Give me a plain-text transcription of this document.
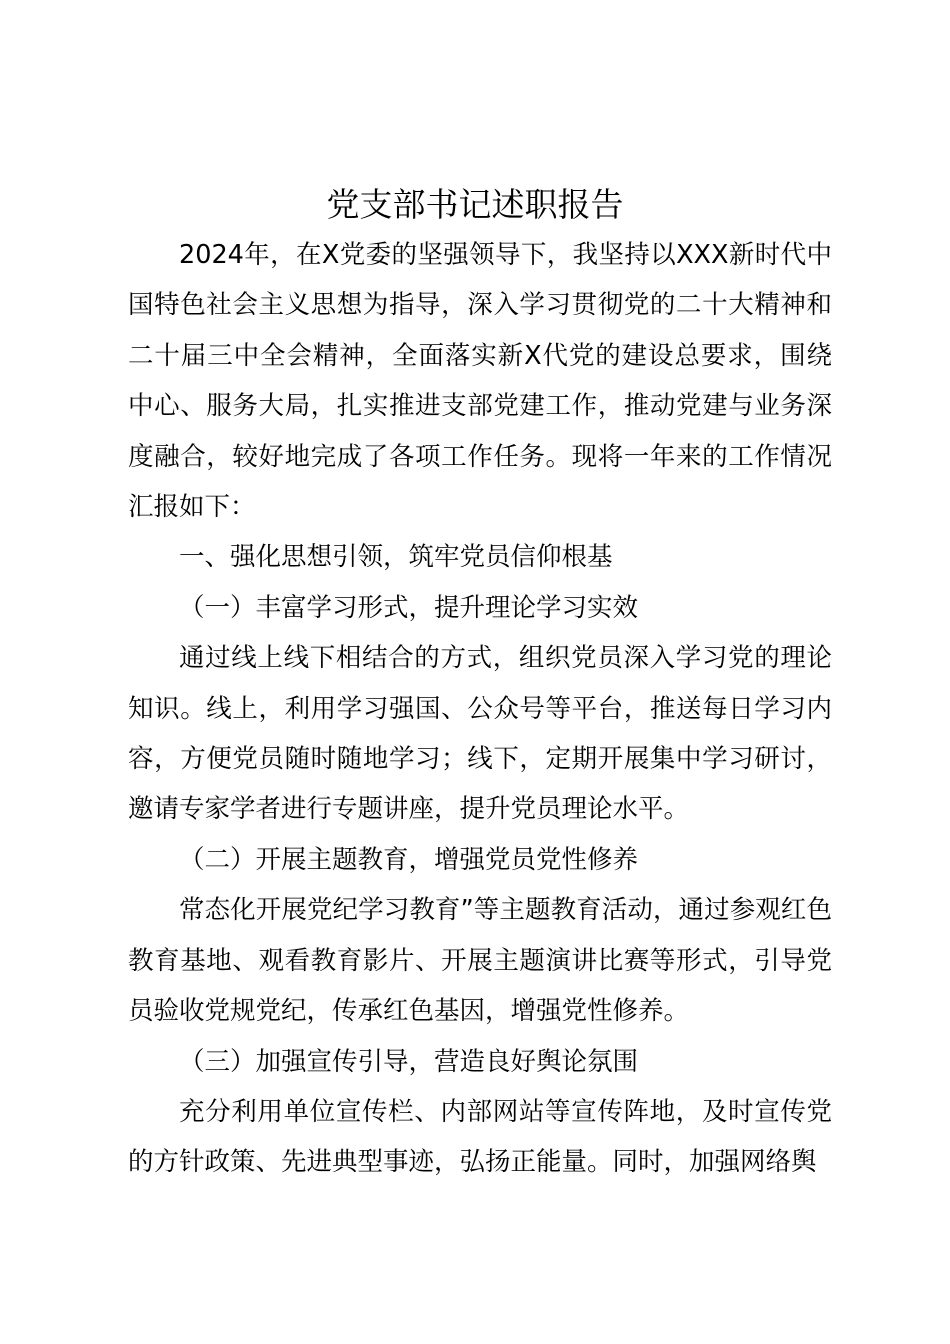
党支部书记述职报告

2024年，在X党委的坚强领导下，我坚持以XXX新时代中国特色社会主义思想为指导，深入学习贯彻党的二十大精神和二十届三中全会精神，全面落实新X代党的建设总要求，围绕中心、服务大局，扎实推进支部党建工作，推动党建与业务深度融合，较好地完成了各项工作任务。现将一年来的工作情况汇报如下：

一、强化思想引领，筑牢党员信仰根基

（一）丰富学习形式，提升理论学习实效

通过线上线下相结合的方式，组织党员深入学习党的理论知识。线上，利用学习强国、公众号等平台，推送每日学习内容，方便党员随时随地学习；线下，定期开展集中学习研讨，邀请专家学者进行专题讲座，提升党员理论水平。

（二）开展主题教育，增强党员党性修养

常态化开展党纪学习教育”等主题教育活动，通过参观红色教育基地、观看教育影片、开展主题演讲比赛等形式，引导党员验收党规党纪，传承红色基因，增强党性修养。

（三）加强宣传引导，营造良好舆论氛围

充分利用单位宣传栏、内部网站等宣传阵地，及时宣传党的方针政策、先进典型事迹，弘扬正能量。同时，加强网络舆
